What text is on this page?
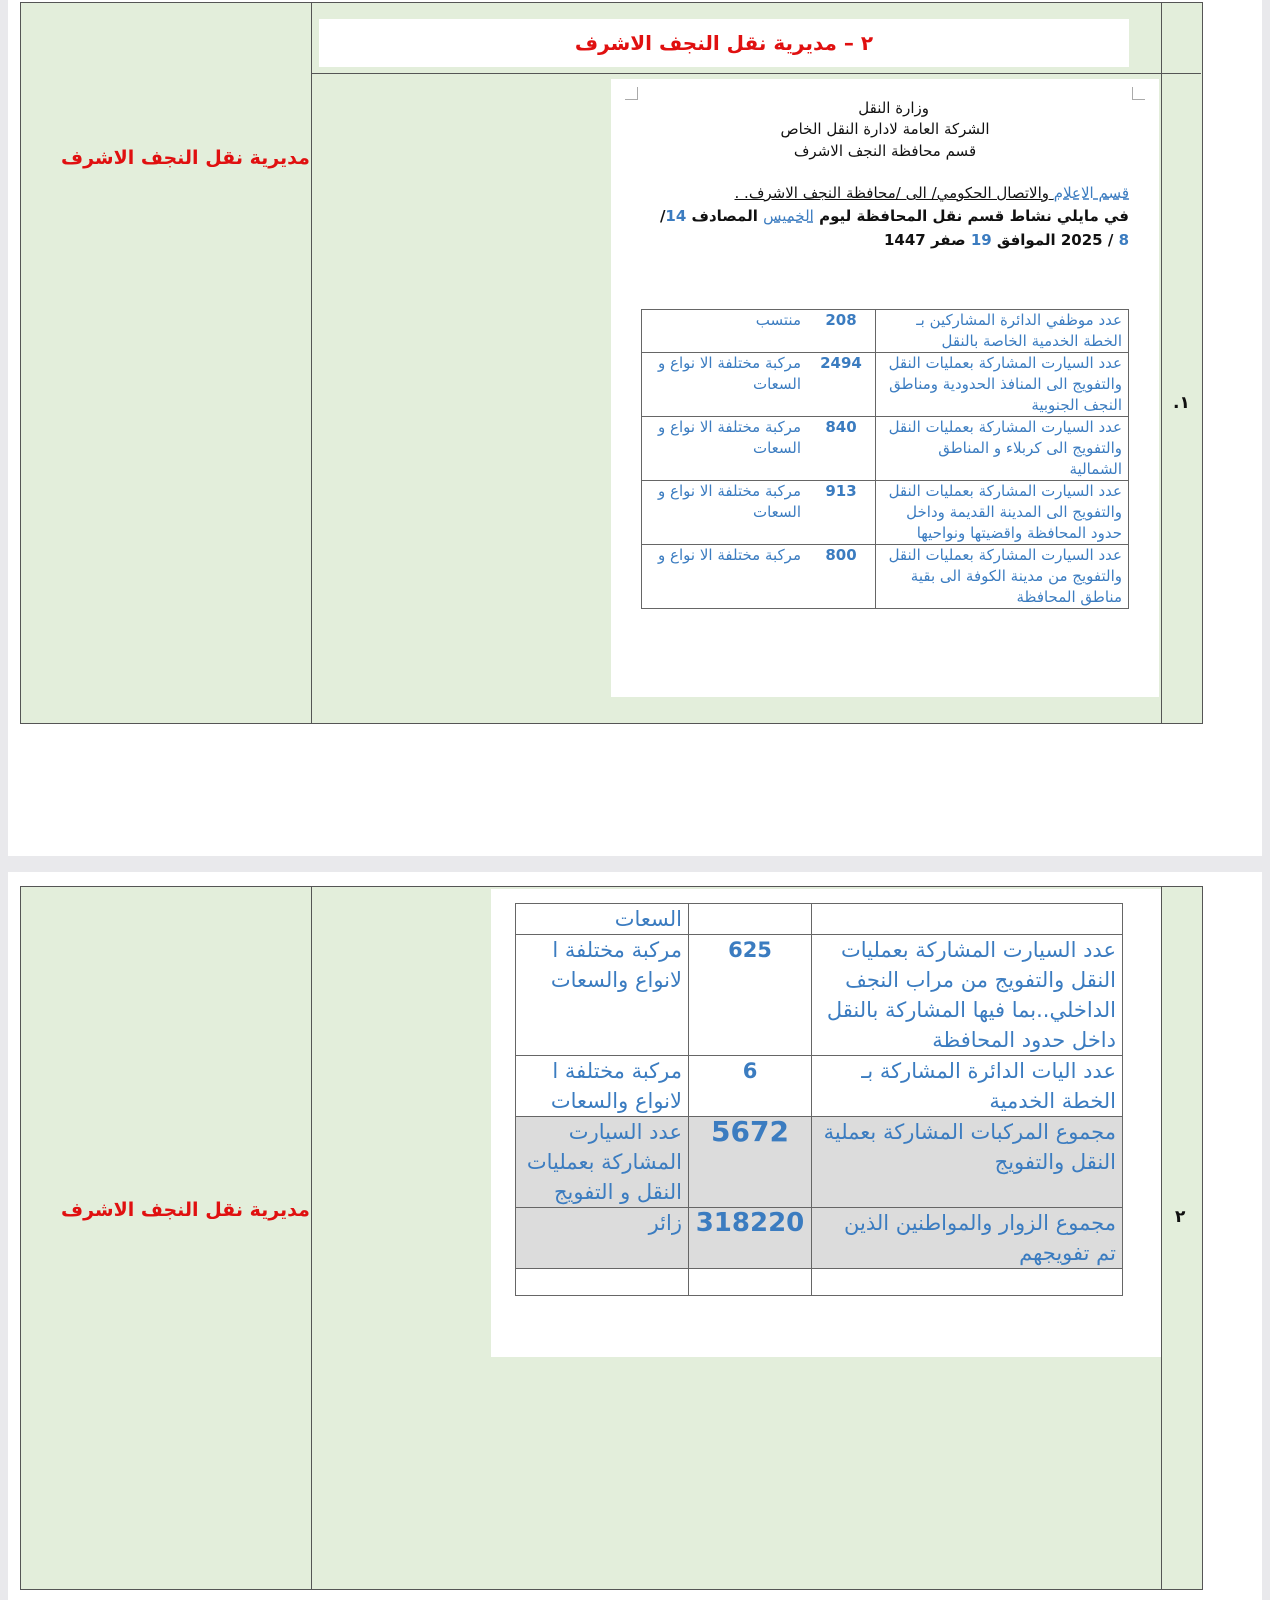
٢ – مديرية نقل النجف الاشرف
مديرية نقل النجف الاشرف
.١
وزارة النقل
الشركة العامة لادارة النقل الخاص
قسم محافظة النجف الاشرف
قسم الاعلام والاتصال الحكومي/ الى /محافظة النجف الاشرف. .
في مايلي نشاط قسم نقل المحافظة ليوم الخميس المصادف 14/
8 / 2025 الموافق 19 صفر 1447
عدد موظفي الدائرة المشاركين بـ الخطة الخدمية الخاصة بالنقل	208	منتسب
عدد السيارت المشاركة بعمليات النقل والتفويج الى المنافذ الحدودية ومناطق النجف الجنوبية	2494	مركبة مختلفة الا نواع و السعات
عدد السيارت المشاركة بعمليات النقل والتفويج الى كربلاء و المناطق الشمالية	840	مركبة مختلفة الا نواع و السعات
عدد السيارت المشاركة بعمليات النقل والتفويج الى المدينة القديمة وداخل حدود المحافظة واقضيتها ونواحيها	913	مركبة مختلفة الا نواع و السعات
عدد السيارت المشاركة بعمليات النقل والتفويج من مدينة الكوفة الى بقية مناطق المحافظة	800	مركبة مختلفة الا نواع و
مديرية نقل النجف الاشرف	٢
		السعات
عدد السيارت المشاركة بعمليات النقل والتفويج من مراب النجف الداخلي..بما فيها المشاركة بالنقل داخل حدود المحافظة	625	مركبة مختلفة ا لانواع والسعات
عدد اليات الدائرة المشاركة بـ الخطة الخدمية	6	مركبة مختلفة ا لانواع والسعات
مجموع المركبات المشاركة بعملية النقل والتفويج	5672	عدد السيارت المشاركة بعمليات النقل و التفويج
مجموع الزوار والمواطنين الذين تم تفويجهم	318220	زائر
